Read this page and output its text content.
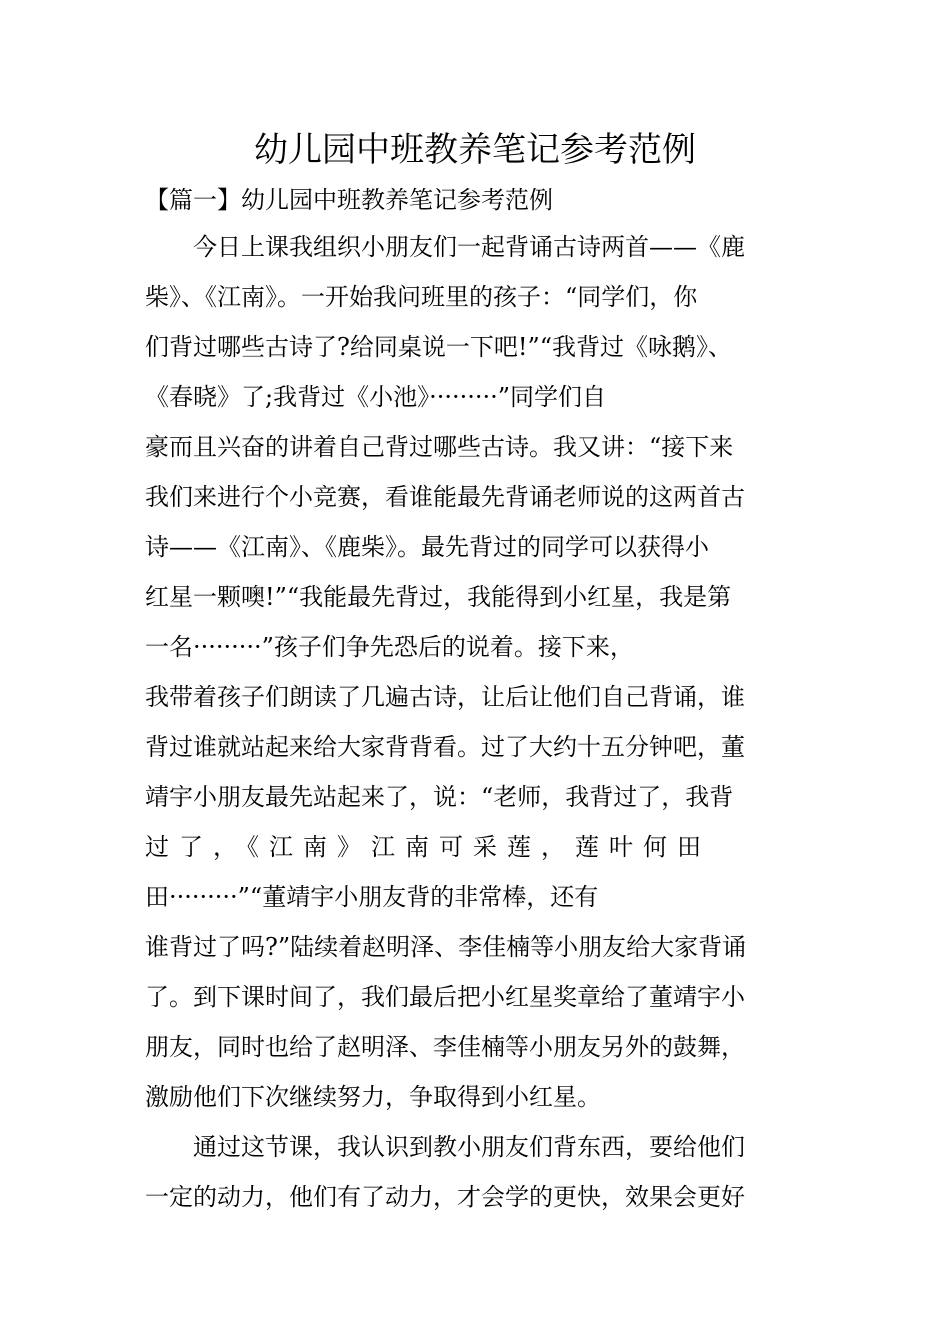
幼儿园中班教养笔记参考范例
【篇一】幼儿园中班教养笔记参考范例
　　今日上课我组织小朋友们一起背诵古诗两首——《鹿
柴》、《江南》。一开始我问班里的孩子：“同学们，你
们背过哪些古诗了?给同桌说一下吧!”“我背过《咏鹅》、
《春晓》了;我背过《小池》·········”同学们自
豪而且兴奋的讲着自己背过哪些古诗。我又讲：“接下来
我们来进行个小竞赛，看谁能最先背诵老师说的这两首古
诗——《江南》、《鹿柴》。最先背过的同学可以获得小
红星一颗噢!”“我能最先背过，我能得到小红星，我是第
一名·········”孩子们争先恐后的说着。接下来，
我带着孩子们朗读了几遍古诗，让后让他们自己背诵，谁
背过谁就站起来给大家背背看。过了大约十五分钟吧，董
靖宇小朋友最先站起来了，说：“老师，我背过了，我背
过了，《江南》江南可采莲，莲叶何田
田·········”“董靖宇小朋友背的非常棒，还有
谁背过了吗?”陆续着赵明泽、李佳楠等小朋友给大家背诵
了。到下课时间了，我们最后把小红星奖章给了董靖宇小
朋友，同时也给了赵明泽、李佳楠等小朋友另外的鼓舞，
激励他们下次继续努力，争取得到小红星。
　　通过这节课，我认识到教小朋友们背东西，要给他们
一定的动力，他们有了动力，才会学的更快，效果会更好
